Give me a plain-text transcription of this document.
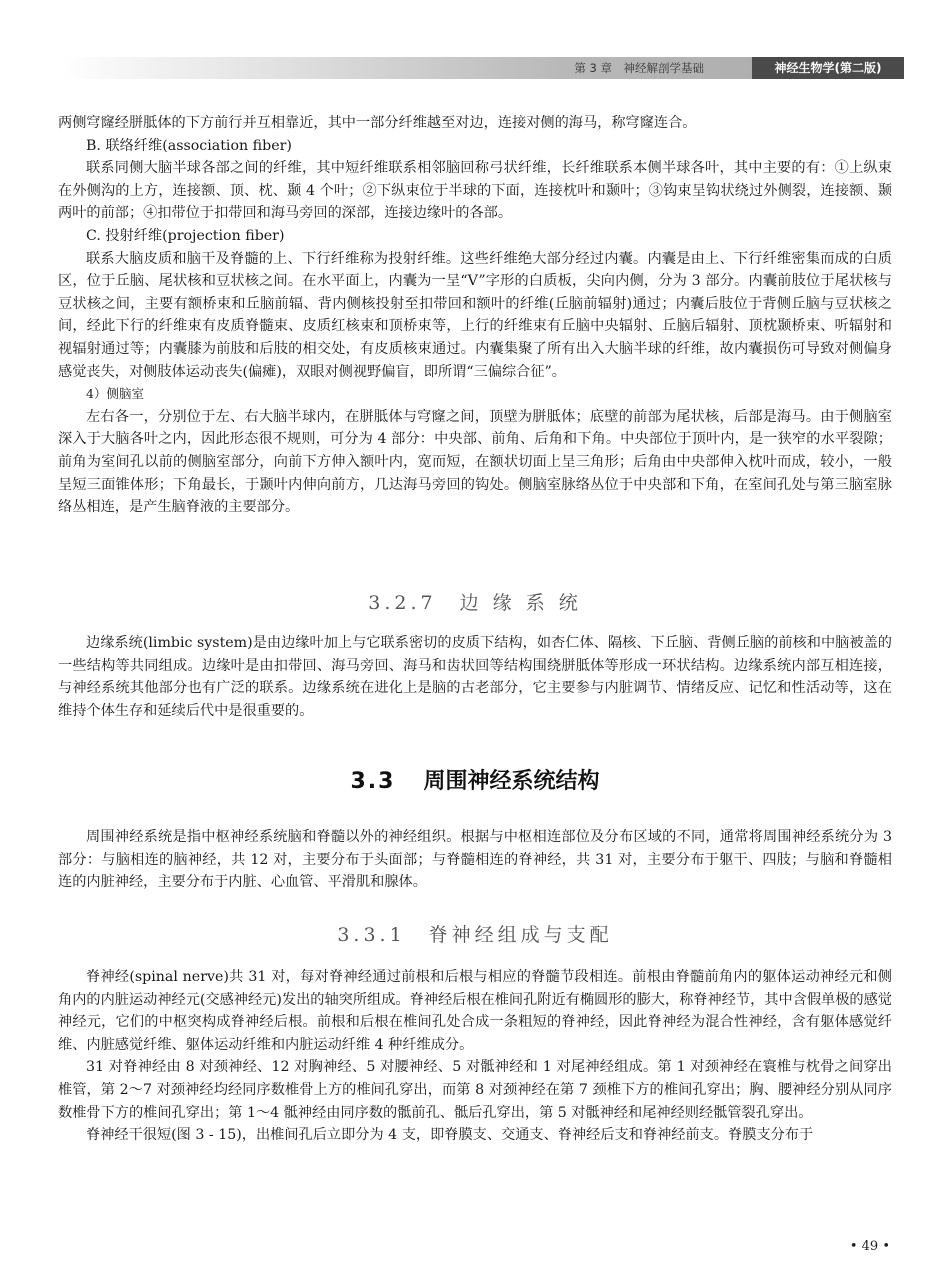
第 3 章　神经解剖学基础	神经生物学(第二版)

两侧穹窿经胼胝体的下方前行并互相靠近，其中一部分纤维越至对边，连接对侧的海马，称穹窿连合。

B. 联络纤维(association fiber)

联系同侧大脑半球各部之间的纤维，其中短纤维联系相邻脑回称弓状纤维，长纤维联系本侧半球各叶，其中主要的有：①上纵束在外侧沟的上方，连接额、顶、枕、颞 4 个叶；②下纵束位于半球的下面，连接枕叶和颞叶；③钩束呈钩状绕过外侧裂，连接额、颞两叶的前部；④扣带位于扣带回和海马旁回的深部，连接边缘叶的各部。

C. 投射纤维(projection fiber)

联系大脑皮质和脑干及脊髓的上、下行纤维称为投射纤维。这些纤维绝大部分经过内囊。内囊是由上、下行纤维密集而成的白质区，位于丘脑、尾状核和豆状核之间。在水平面上，内囊为一呈“V”字形的白质板，尖向内侧，分为 3 部分。内囊前肢位于尾状核与豆状核之间，主要有额桥束和丘脑前辐、背内侧核投射至扣带回和额叶的纤维(丘脑前辐射)通过；内囊后肢位于背侧丘脑与豆状核之间，经此下行的纤维束有皮质脊髓束、皮质红核束和顶桥束等，上行的纤维束有丘脑中央辐射、丘脑后辐射、顶枕颞桥束、听辐射和视辐射通过等；内囊膝为前肢和后肢的相交处，有皮质核束通过。内囊集聚了所有出入大脑半球的纤维，故内囊损伤可导致对侧偏身感觉丧失，对侧肢体运动丧失(偏瘫)，双眼对侧视野偏盲，即所谓“三偏综合征”。

4）侧脑室

左右各一，分别位于左、右大脑半球内，在胼胝体与穹窿之间，顶壁为胼胝体；底壁的前部为尾状核，后部是海马。由于侧脑室深入于大脑各叶之内，因此形态很不规则，可分为 4 部分：中央部、前角、后角和下角。中央部位于顶叶内，是一狭窄的水平裂隙；前角为室间孔以前的侧脑室部分，向前下方伸入额叶内，宽而短，在额状切面上呈三角形；后角由中央部伸入枕叶而成，较小，一般呈短三面锥体形；下角最长，于颞叶内伸向前方，几达海马旁回的钩处。侧脑室脉络丛位于中央部和下角，在室间孔处与第三脑室脉络丛相连，是产生脑脊液的主要部分。

3.2.7　边 缘 系 统

边缘系统(limbic system)是由边缘叶加上与它联系密切的皮质下结构，如杏仁体、隔核、下丘脑、背侧丘脑的前核和中脑被盖的一些结构等共同组成。边缘叶是由扣带回、海马旁回、海马和齿状回等结构围绕胼胝体等形成一环状结构。边缘系统内部互相连接，与神经系统其他部分也有广泛的联系。边缘系统在进化上是脑的古老部分，它主要参与内脏调节、情绪反应、记忆和性活动等，这在维持个体生存和延续后代中是很重要的。

3.3 周围神经系统结构

周围神经系统是指中枢神经系统脑和脊髓以外的神经组织。根据与中枢相连部位及分布区域的不同，通常将周围神经系统分为 3 部分：与脑相连的脑神经，共 12 对，主要分布于头面部；与脊髓相连的脊神经，共 31 对，主要分布于躯干、四肢；与脑和脊髓相连的内脏神经，主要分布于内脏、心血管、平滑肌和腺体。

3.3.1　脊神经组成与支配

脊神经(spinal nerve)共 31 对，每对脊神经通过前根和后根与相应的脊髓节段相连。前根由脊髓前角内的躯体运动神经元和侧角内的内脏运动神经元(交感神经元)发出的轴突所组成。脊神经后根在椎间孔附近有椭圆形的膨大，称脊神经节，其中含假单极的感觉神经元，它们的中枢突构成脊神经后根。前根和后根在椎间孔处合成一条粗短的脊神经，因此脊神经为混合性神经，含有躯体感觉纤维、内脏感觉纤维、躯体运动纤维和内脏运动纤维 4 种纤维成分。

31 对脊神经由 8 对颈神经、12 对胸神经、5 对腰神经、5 对骶神经和 1 对尾神经组成。第 1 对颈神经在寰椎与枕骨之间穿出椎管，第 2～7 对颈神经均经同序数椎骨上方的椎间孔穿出，而第 8 对颈神经在第 7 颈椎下方的椎间孔穿出；胸、腰神经分别从同序数椎骨下方的椎间孔穿出；第 1～4 骶神经由同序数的骶前孔、骶后孔穿出，第 5 对骶神经和尾神经则经骶管裂孔穿出。

脊神经干很短(图 3 - 15)，出椎间孔后立即分为 4 支，即脊膜支、交通支、脊神经后支和脊神经前支。脊膜支分布于

• 49 •
